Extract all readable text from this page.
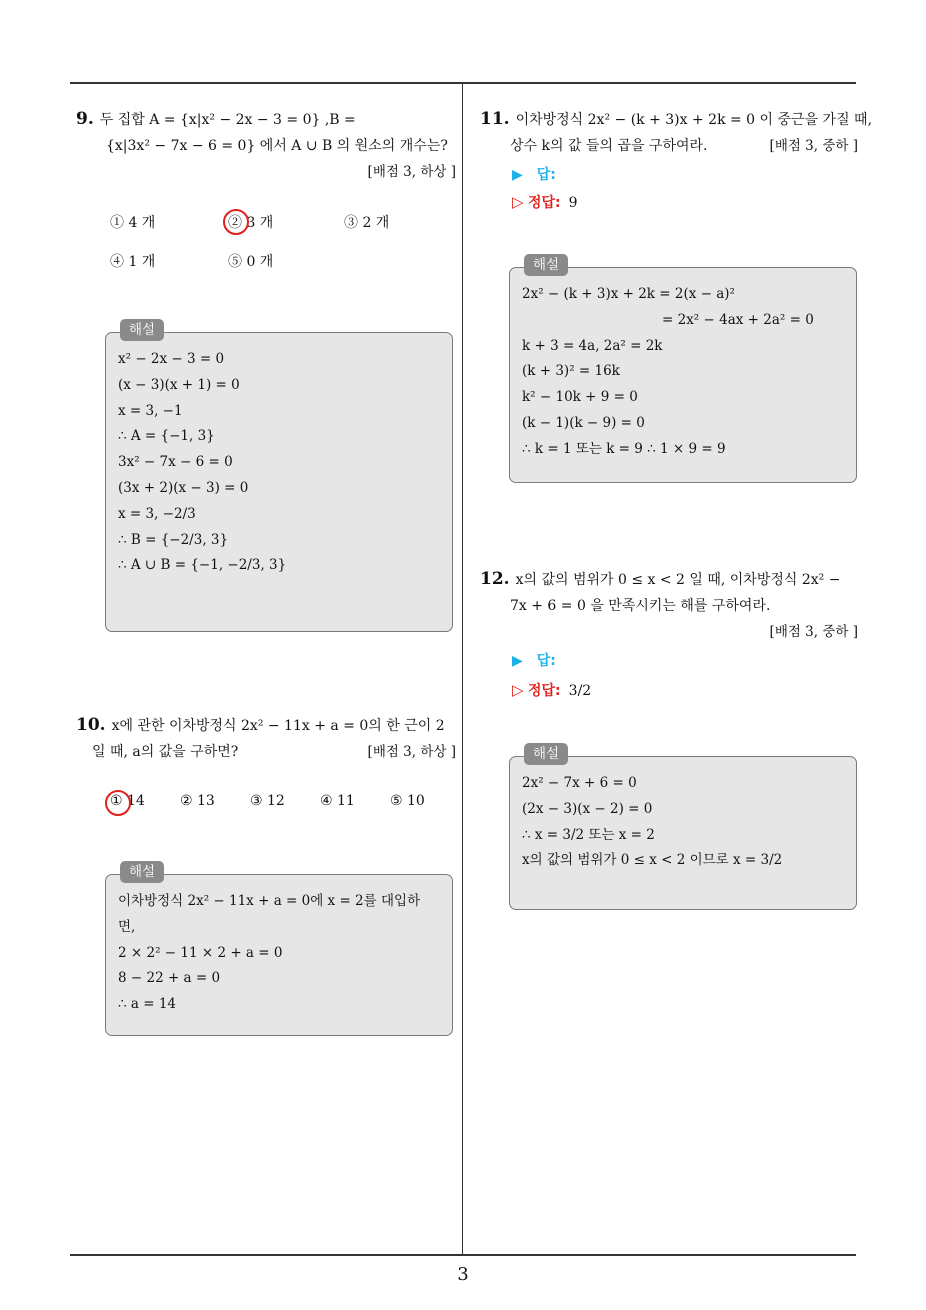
3
9. 두 집합 A = {x|x² − 2x − 3 = 0} ,B =
{x|3x² − 7x − 6 = 0} 에서 A ∪ B 의 원소의 개수는?
[배점 3, 하상 ]
① 4 개	② 3 개	③ 2 개
④ 1 개	⑤ 0 개
해설
x² − 2x − 3 = 0
(x − 3)(x + 1) = 0
x = 3, −1
∴ A = {−1, 3}
3x² − 7x − 6 = 0
(3x + 2)(x − 3) = 0
x = 3, −2/3
∴ B = {−2/3, 3}
∴ A ∪ B = {−1, −2/3, 3}
10. x에 관한 이차방정식 2x² − 11x + a = 0의 한 근이 2
일 때, a의 값을 구하면?	[배점 3, 하상 ]
① 14	② 13	③ 12	④ 11	⑤ 10
해설
이차방정식 2x² − 11x + a = 0에 x = 2를 대입하
면,
2 × 2² − 11 × 2 + a = 0
8 − 22 + a = 0
∴ a = 14
11. 이차방정식 2x² − (k + 3)x + 2k = 0 이 중근을 가질 때,
상수 k의 값 들의 곱을 구하여라.	[배점 3, 중하 ]
▶ 답:
▷ 정답: 9
해설
2x² − (k + 3)x + 2k = 2(x − a)²
= 2x² − 4ax + 2a² = 0
k + 3 = 4a, 2a² = 2k
(k + 3)² = 16k
k² − 10k + 9 = 0
(k − 1)(k − 9) = 0
∴ k = 1 또는 k = 9 ∴ 1 × 9 = 9
12. x의 값의 범위가 0 ≤ x < 2 일 때, 이차방정식 2x² −
7x + 6 = 0 을 만족시키는 해를 구하여라.
[배점 3, 중하 ]
▶ 답:
▷ 정답: 3/2
해설
2x² − 7x + 6 = 0
(2x − 3)(x − 2) = 0
∴ x = 3/2 또는 x = 2
x의 값의 범위가 0 ≤ x < 2 이므로 x = 3/2
